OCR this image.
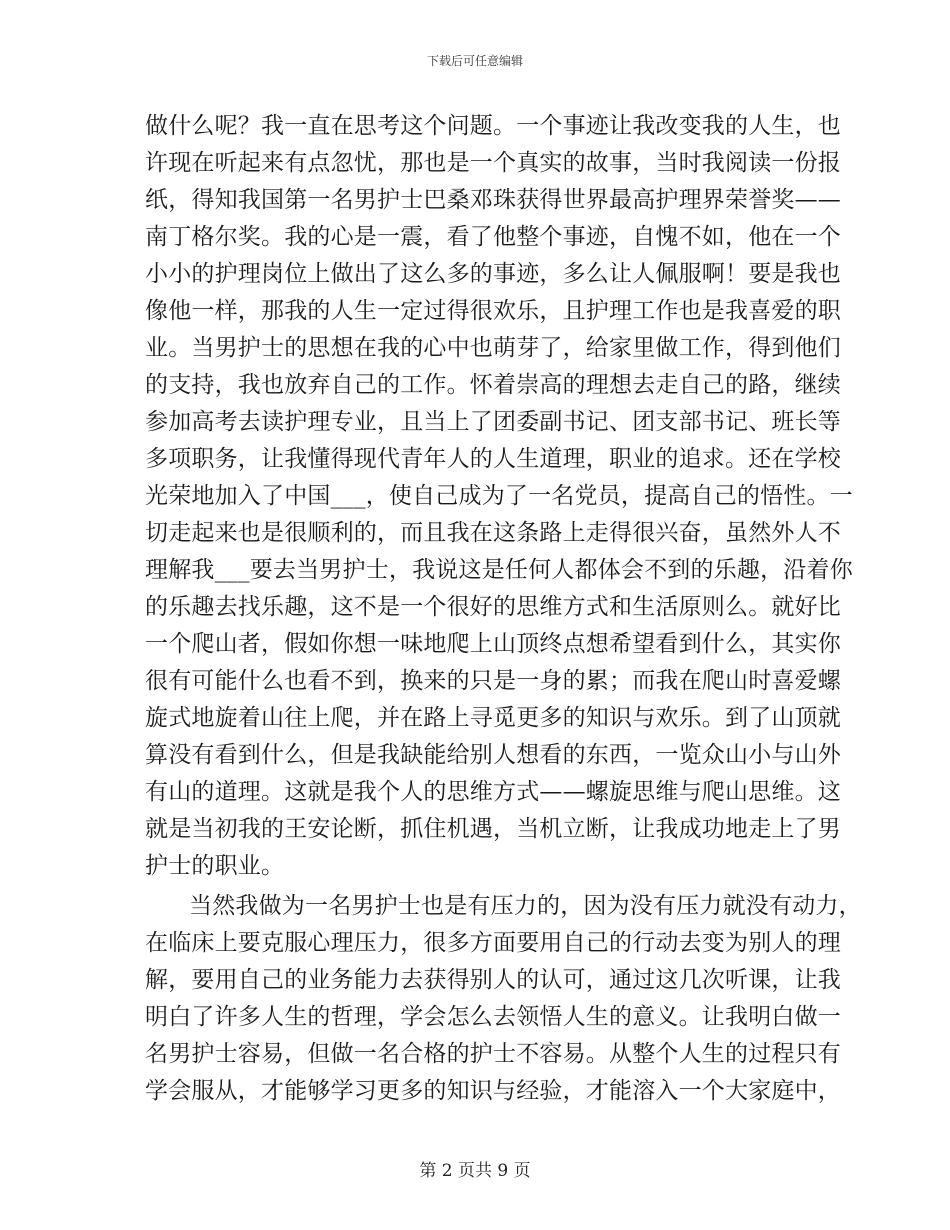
下载后可任意编辑
做什么呢？我一直在思考这个问题。一个事迹让我改变我的人生，也
许现在听起来有点忽忧，那也是一个真实的故事，当时我阅读一份报
纸，得知我国第一名男护士巴桑邓珠获得世界最高护理界荣誉奖——
南丁格尔奖。我的心是一震，看了他整个事迹，自愧不如，他在一个
小小的护理岗位上做出了这么多的事迹，多么让人佩服啊！要是我也
像他一样，那我的人生一定过得很欢乐，且护理工作也是我喜爱的职
业。当男护士的思想在我的心中也萌芽了，给家里做工作，得到他们
的支持，我也放弃自己的工作。怀着崇高的理想去走自己的路，继续
参加高考去读护理专业，且当上了团委副书记、团支部书记、班长等
多项职务，让我懂得现代青年人的人生道理，职业的追求。还在学校
光荣地加入了中国___，使自己成为了一名党员，提高自己的悟性。一
切走起来也是很顺利的，而且我在这条路上走得很兴奋，虽然外人不
理解我___要去当男护士，我说这是任何人都体会不到的乐趣，沿着你
的乐趣去找乐趣，这不是一个很好的思维方式和生活原则么。就好比
一个爬山者，假如你想一味地爬上山顶终点想希望看到什么，其实你
很有可能什么也看不到，换来的只是一身的累；而我在爬山时喜爱螺
旋式地旋着山往上爬，并在路上寻觅更多的知识与欢乐。到了山顶就
算没有看到什么，但是我缺能给别人想看的东西，一览众山小与山外
有山的道理。这就是我个人的思维方式——螺旋思维与爬山思维。这
就是当初我的王安论断，抓住机遇，当机立断，让我成功地走上了男
护士的职业。
当然我做为一名男护士也是有压力的，因为没有压力就没有动力，
在临床上要克服心理压力，很多方面要用自己的行动去变为别人的理
解，要用自己的业务能力去获得别人的认可，通过这几次听课，让我
明白了许多人生的哲理，学会怎么去领悟人生的意义。让我明白做一
名男护士容易，但做一名合格的护士不容易。从整个人生的过程只有
学会服从，才能够学习更多的知识与经验，才能溶入一个大家庭中，
第 2 页共 9 页
